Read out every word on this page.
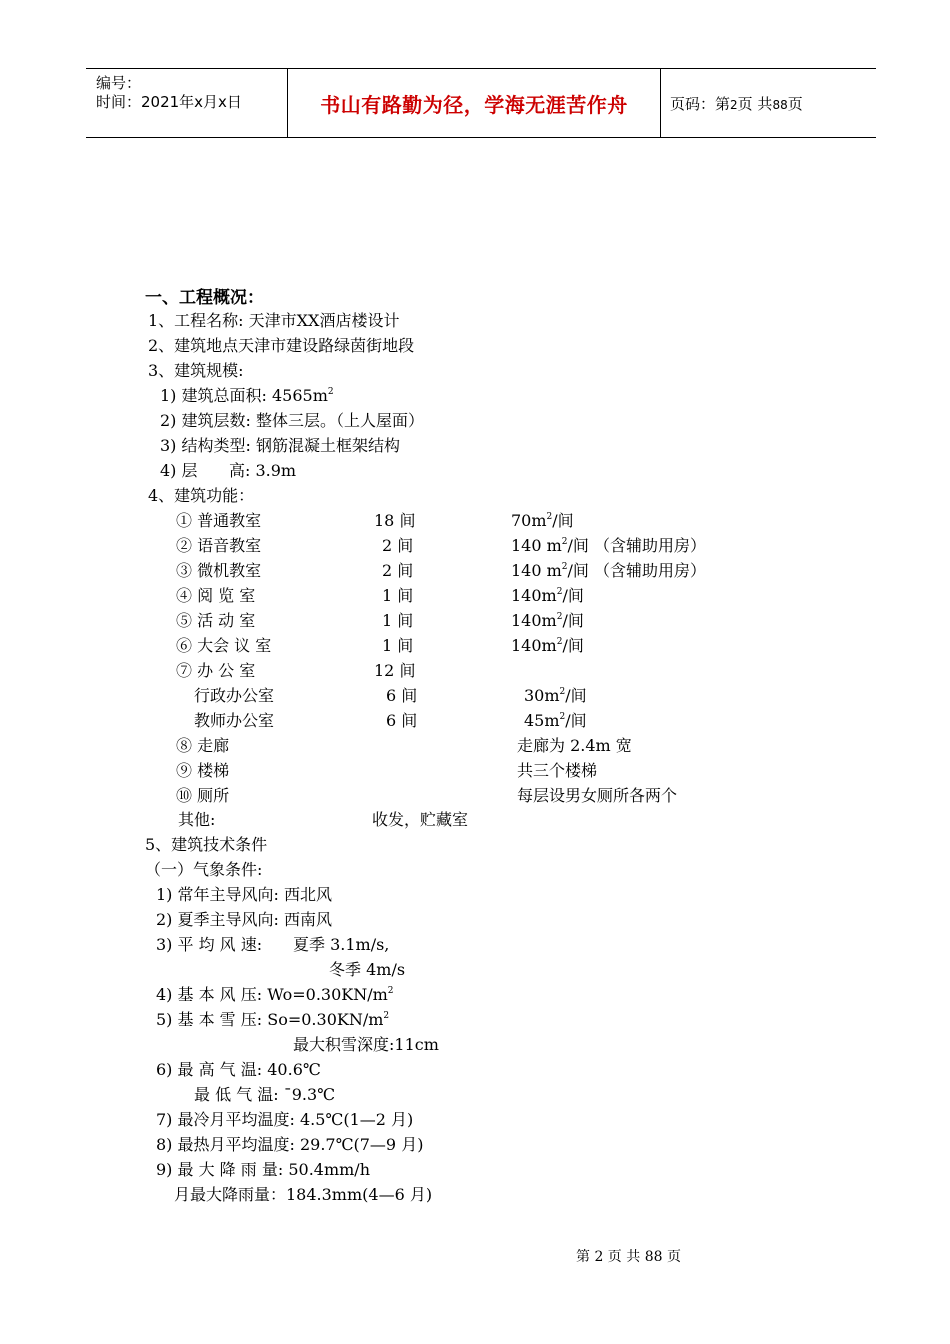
编号：
时间：2021年x月x日	书山有路勤为径，学海无涯苦作舟	页码：第2页 共88页
一、工程概况：
1、工程名称: 天津市XX酒店楼设计
2、建筑地点天津市建设路绿茵街地段
3、建筑规模:
1) 建筑总面积: $4565m^2$
2) 建筑层数: 整体三层。（上人屋面）
3) 结构类型: 钢筋混凝土框架结构
4) 层 高: 3.9m
4、建筑功能：
① 普通教室	18 间	$70m^2/$间
② 语音教室	2 间	140 $m^2/$间 （含辅助用房）
③ 微机教室	2 间	140 $m^2/$间 （含辅助用房）
④ 阅 览 室	1 间	$140m^2/$间
⑤ 活 动 室	1 间	$140m^2/$间
⑥ 大会 议 室	1 间	$140m^2/$间
⑦ 办 公 室	12 间
行政办公室	6 间	$30m^2/$间
教师办公室	6 间	$45m^2/$间
⑧ 走廊	走廊为 2.4m 宽
⑨ 楼梯	共三个楼梯
⑩ 厕所	每层设男女厕所各两个
其他:	收发，贮藏室
5、建筑技术条件
（一）气象条件:
1) 常年主导风向: 西北风
2) 夏季主导风向: 西南风
3) 平 均 风 速: 夏季 3.1m/s,
冬季 4m/s
4) 基 本 风 压: $Wo=0.30KN/m^2$
5) 基 本 雪 压: $So=0.30KN/m^2$
最大积雪深度:11cm
6) 最 高 气 温: 40.6℃
最 低 气 温: ¯9.3℃
7) 最冷月平均温度: 4.5℃(1—2 月)
8) 最热月平均温度: 29.7℃(7—9 月)
9) 最 大 降 雨 量: 50.4mm/h
月最大降雨量：184.3mm(4—6 月)
第 2 页 共 88 页
